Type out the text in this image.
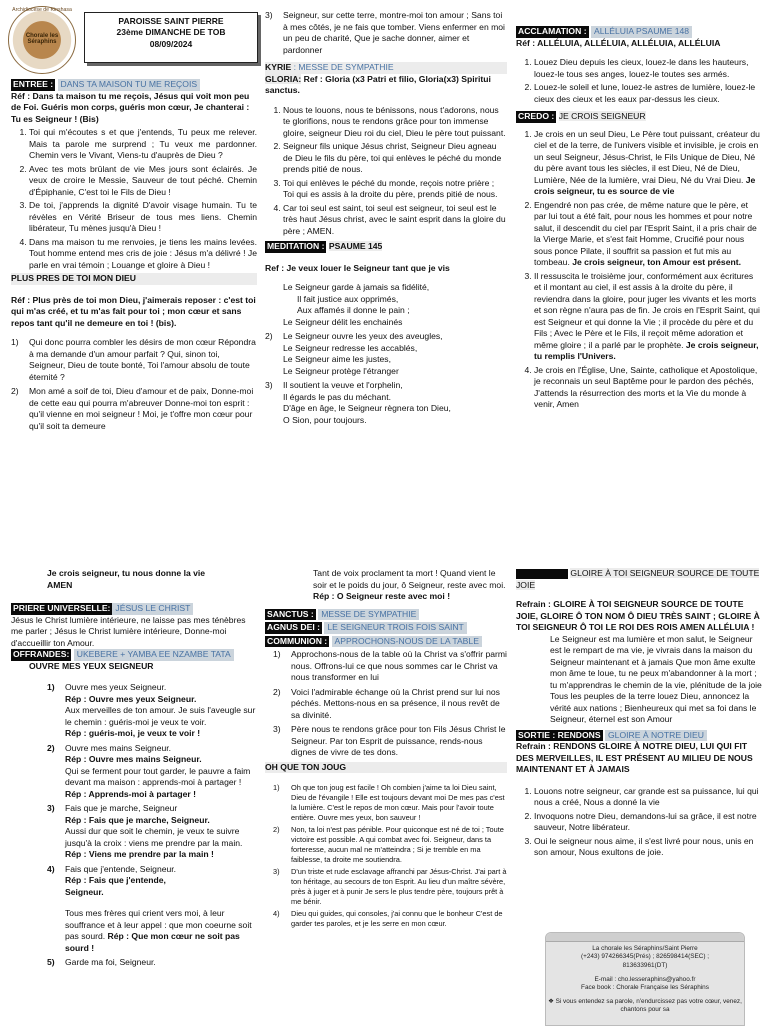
Archidiocèse de Kinshasa
Chorale les Séraphins
PAROISSE SAINT PIERRE
23ème DIMANCHE DE TOB
08/09/2024

ENTREE : DANS TA MAISON TU ME REÇOIS

Réf : Dans ta maison tu me reçois, Jésus qui voit mon peu de Foi. Guéris mon corps, guéris mon cœur, Je chanterai : Tu es Seigneur ! (Bis)

1. Toi qui m'écoutes s et que j'entends, Tu peux me relever. Mais ta parole me surprend ; Tu veux me pardonner. Chemin vers le Vivant, Viens-tu d'auprès de Dieu ?
2. Avec tes mots brûlant de vie Mes jours sont éclairés. Je veux de croire le Messie, Sauveur de tout péché. Chemin d'Épiphanie, C'est toi le Fils de Dieu !
3. De toi, j'apprends la dignité D'avoir visage humain. Tu te révèles en Vérité Briseur de tous mes liens. Chemin libérateur, Tu mènes jusqu'à Dieu !
4. Dans ma maison tu me renvoies, je tiens les mains levées. Tout homme entend mes cris de joie : Jésus m'a délivré ! Je parle en vrai témoin ; Louange et gloire à Dieu !

PLUS PRES DE TOI MON DIEU

Réf : Plus près de toi mon Dieu, j'aimerais reposer : c'est toi qui m'as créé, et tu m'as fait pour toi ; mon cœur et sans repos tant qu'il ne demeure en toi ! (bis).

1) Qui donc pourra combler les désirs de mon cœur Répondra à ma demande d'un amour parfait ? Qui, sinon toi, Seigneur, Dieu de toute bonté, Toi l'amour absolu de toute éternité ?
2) Mon amé a soif de toi, Dieu d'amour et de paix, Donne-moi de cette eau qui pourra m'abreuver Donne-moi ton esprit : qu'il vienne en moi seigneur ! Moi, je t'offre mon cœur pour qu'il soit ta demeure
3) Seigneur, sur cette terre, montre-moi ton amour ; Sans toi à mes côtés, je ne fais que tomber. Viens enfermer en moi un peu de charité, Que je sache donner, aimer et pardonner

KYRIE : MESSE DE SYMPATHIE

GLORIA: Ref : Gloria (x3 Patri et filio, Gloria(x3) Spiritui sanctus.

1. Nous te louons, nous te bénissons, nous t'adorons, nous te glorifions, nous te rendons grâce pour ton immense gloire, seigneur Dieu roi du ciel, Dieu le père tout puissant.
2. Seigneur fils unique Jésus christ, Seigneur Dieu agneau de Dieu le fils du père, toi qui enlèves le péché du monde prends pitié de nous.
3. Toi qui enlèves le péché du monde, reçois notre prière ; Toi qui es assis à la droite du père, prends pitié de nous.
4. Car toi seul est saint, toi seul est seigneur, toi seul est le très haut Jésus christ, avec le saint esprit dans la gloire du père ; AMEN.

MEDITATION : PSAUME 145

Ref : Je veux louer le Seigneur tant que je vis

Le Seigneur garde à jamais sa fidélité,
Il fait justice aux opprimés,
Aux affamés il donne le pain ;
Le Seigneur délit les enchainés
2) Le Seigneur ouvre les yeux des aveugles,
Le Seigneur redresse les accablés,
Le Seigneur aime les justes,
Le Seigneur protège l'étranger
3) Il soutient la veuve et l'orphelin,
Il égards le pas du méchant.
D'âge en âge, le Seigneur règnera ton Dieu,
O Sion, pour toujours.

ACCLAMATION : ALLÉLUIA PSAUME 148

Réf : ALLÉLUIA, ALLÉLUIA, ALLÉLUIA, ALLÉLUIA

1. Louez Dieu depuis les cieux, louez-le dans les hauteurs, louez-le tous ses anges, louez-le toutes ses armés.
2. Louez-le soleil et lune, louez-le astres de lumière, louez-le cieux des cieux et les eaux par-dessus les cieux.

CREDO : JE CROIS SEIGNEUR

1. Je crois en un seul Dieu, Le Père tout puissant, créateur du ciel et de la terre, de l'univers visible et invisible, je crois en un seul Seigneur, Jésus-Christ, le Fils Unique de Dieu, Né du père avant tous les siècles, il est Dieu, Né de Dieu, Lumière, Née de la lumière, vrai Dieu, Né du Vrai Dieu. Je crois seigneur, tu es source de vie
2. Engendré non pas crée, de même nature que le père, et par lui tout a été fait, pour nous les hommes et pour notre salut, il descendit du ciel par l'Esprit Saint, il a pris chair de la Vierge Marie, et s'est fait Homme, Crucifié pour nous sous ponce Pilate, il souffrit sa passion et fut mis au tombeau. Je crois seigneur, ton Amour est présent.
3. Il ressuscita le troisième jour, conformément aux écritures et il montant au ciel, il est assis à la droite du père, il reviendra dans la gloire, pour juger les vivants et les morts et son règne n'aura pas de fin. Je crois en l'Esprit Saint, qui est Seigneur et qui donne la Vie ; il procède du père et du Fils ; Avec le Père et le Fils, il reçoit même adoration et même gloire ; il a parlé par le prophète. Je crois seigneur, tu remplis l'Univers.
4. Je crois en l'Église, Une, Sainte, catholique et Apostolique, je reconnais un seul Baptême pour le pardon des péchés, J'attends la résurrection des morts et la Vie du monde à venir, Amen

Je crois seigneur, tu nous donne la vie

AMEN

PRIERE UNIVERSELLE: JÉSUS LE CHRIST

Jésus le Christ lumière intérieure, ne laisse pas mes ténèbres me parler ; Jésus le Christ lumière intérieure, Donne-moi d'accueillir ton Amour.

OFFRANDES: UKEBERE + YAMBA EE NZAMBE TATA

OUVRE MES YEUX SEIGNEUR

1) Ouvre mes yeux Seigneur.
Rép : Ouvre mes yeux Seigneur.
Aux merveilles de ton amour. Je suis l'aveugle sur le chemin : guéris-moi je veux te voir.
Rép : guéris-moi, je veux te voir !
2) Ouvre mes mains Seigneur.
Rép : Ouvre mes mains Seigneur.
Qui se ferment pour tout garder, le pauvre a faim devant ma maison : apprends-moi à partager ! Rép : Apprends-moi à partager !
3) Fais que je marche, Seigneur
Rép : Fais que je marche, Seigneur.
Aussi dur que soit le chemin, je veux te suivre jusqu'à la croix : viens me prendre par la main.
Rép : Viens me prendre par la main !
4) Fais que j'entende, Seigneur.
Rép : Fais que j'entende,
Seigneur.
Tous mes frères qui crient vers moi, à leur souffrance et à leur appel : que mon coeurne soit pas sourd. Rép : Que mon cœur ne soit pas sourd !
5) Garde ma foi, Seigneur.

Tant de voix proclament ta mort ! Quand vient le soir et le poids du jour, ô Seigneur, reste avec moi. Rép : O Seigneur reste avec moi !

SANCTUS : MESSE DE SYMPATHIE

AGNUS DEI : LE SEIGNEUR TROIS FOIS SAINT

COMMUNION : APPROCHONS-NOUS DE LA TABLE

1) Approchons-nous de la table où la Christ va s'offrir parmi nous. Offrons-lui ce que nous sommes car le Christ va nous transformer en lui
2) Voici l'admirable échange où la Christ prend sur lui nos péchés. Mettons-nous en sa présence, il nous revêt de sa divinité.
3) Père nous te rendons grâce pour ton Fils Jésus Christ le Seigneur. Par ton Esprit de puissance, rends-nous dignes de vivre de tes dons.

OH QUE TON JOUG

1) Oh que ton joug est facile ! Oh combien j'aime ta loi Dieu saint, Dieu de l'évangile ! Elle est toujours devant moi De mes pas c'est la lumière. C'est le repos de mon cœur. Mais pour l'avoir toute entière. Ouvre mes yeux, bon sauveur !
2) Non, ta loi n'est pas pénible. Pour quiconque est né de toi ; Toute victoire est possible. A qui combat avec foi. Seigneur, dans ta forteresse, aucun mal ne m'atteindra ; Si je tremble en ma faiblesse, ta droite me soutiendra.
3) D'un triste et rude esclavage affranchi par Jésus-Christ. J'ai part à ton héritage, au secours de ton Esprit. Au lieu d'un maître sévère, près à juger et à punir Je sers le plus tendre père, toujours prêt à me bénir.
4) Dieu qui guides, qui consoles, j'ai connu que le bonheur C'est de garder tes paroles, et je les serre en mon cœur.

GLOIRE À TOI SEIGNEUR SOURCE DE TOUTE JOIE

Refrain : GLOIRE À TOI SEIGNEUR SOURCE DE TOUTE JOIE, GLOIRE Ô TON NOM Ô DIEU TRÈS SAINT ; GLOIRE À TOI SEIGNEUR Ô TOI LE ROI DES ROIS AMEN ALLÉLUIA !

Le Seigneur est ma lumière et mon salut, le Seigneur est le rempart de ma vie, je vivrais dans la maison du Seigneur maintenant et à jamais Que mon âme exulte mon âme te loue, tu ne peux m'abandonner à la mort ; tu m'apprendras le chemin de la vie, plénitude de la joie Tous les peuples de la terre louez Dieu, annoncez la vérité aux nations ; Bienheureux qui met sa foi dans le Seigneur, éternel est son Amour

SORTIE : RENDONS GLOIRE À NOTRE DIEU

Refrain : RENDONS GLOIRE À NOTRE DIEU, LUI QUI FIT DES MERVEILLES, IL EST PRÉSENT AU MILIEU DE NOUS MAINTENANT ET À JAMAIS

1. Louons notre seigneur, car grande est sa puissance, lui qui nous a créé, Nous a donné la vie
2. Invoquons notre Dieu, demandons-lui sa grâce, il est notre sauveur, Notre libérateur.
3. Oui le seigneur nous aime, il s'est livré pour nous, unis en son amour, Nous exultons de joie.
La chorale les Séraphins/Saint Pierre
(+243) 974266345(Prés) ; 826598414(SEC) ;
813633961(DT)
E-mail : cho.lesseraphins@yahoo.fr
Face book : Chorale Française les Séraphins
❖ Si vous entendez sa parole, n'endurcissez pas votre cœur, venez, chantons pour sa
